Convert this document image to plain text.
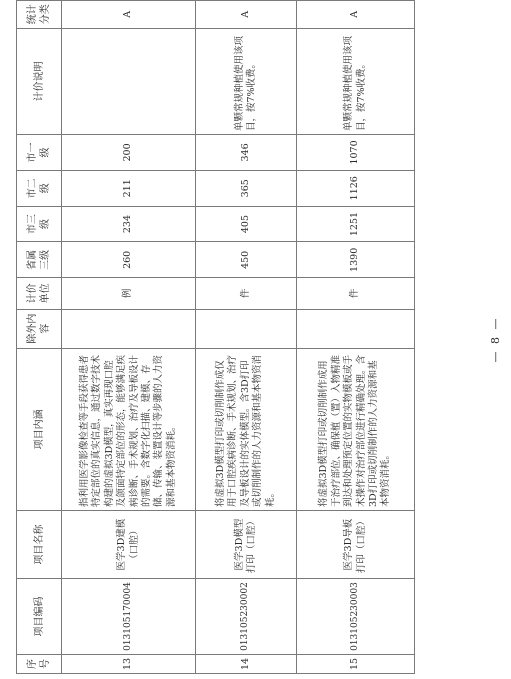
序号	项目编码	项目名称	项目内涵	除外内容	计价单位	省属三级	市三级	市二级	市一级	计价说明	统计分类
13	013105170004	医学3D建模（口腔）	指利用医学影像检查等手段获得患者特定部位的真实信息，通过数字技术构建的虚拟3D模型，真实再现口腔及颌面特定部位的形态，能够满足疾病诊断、手术规划、治疗及导板设计的需要。含数字化扫描、建模、存储、传输、装置设计等步骤的人力资源和基本物资消耗。		例	260	234	211	200		A
14	013105230002	医学3D模型打印（口腔）	将虚拟3D模型打印或切削制作成仅用于口腔疾病诊断、手术规划、治疗及导板设计的实体模型。含3D打印或切削制作的人力资源和基本物资消耗。		件	450	405	365	346	单颗常规种植使用该项目，按7%收费。	A
15	013105230003	医学3D导板打印（口腔）	将虚拟3D模型打印或切削制作成用于治疗部位、确保植（置）入物精准到达和处理预定位置的实物模板或手术操作对治疗部位进行精确处理。含3D打印或切削制作的人力资源和基本物资消耗。		件	1390	1251	1126	1070	单颗常规种植使用该项目，按7%收费。	A
— 8 —
